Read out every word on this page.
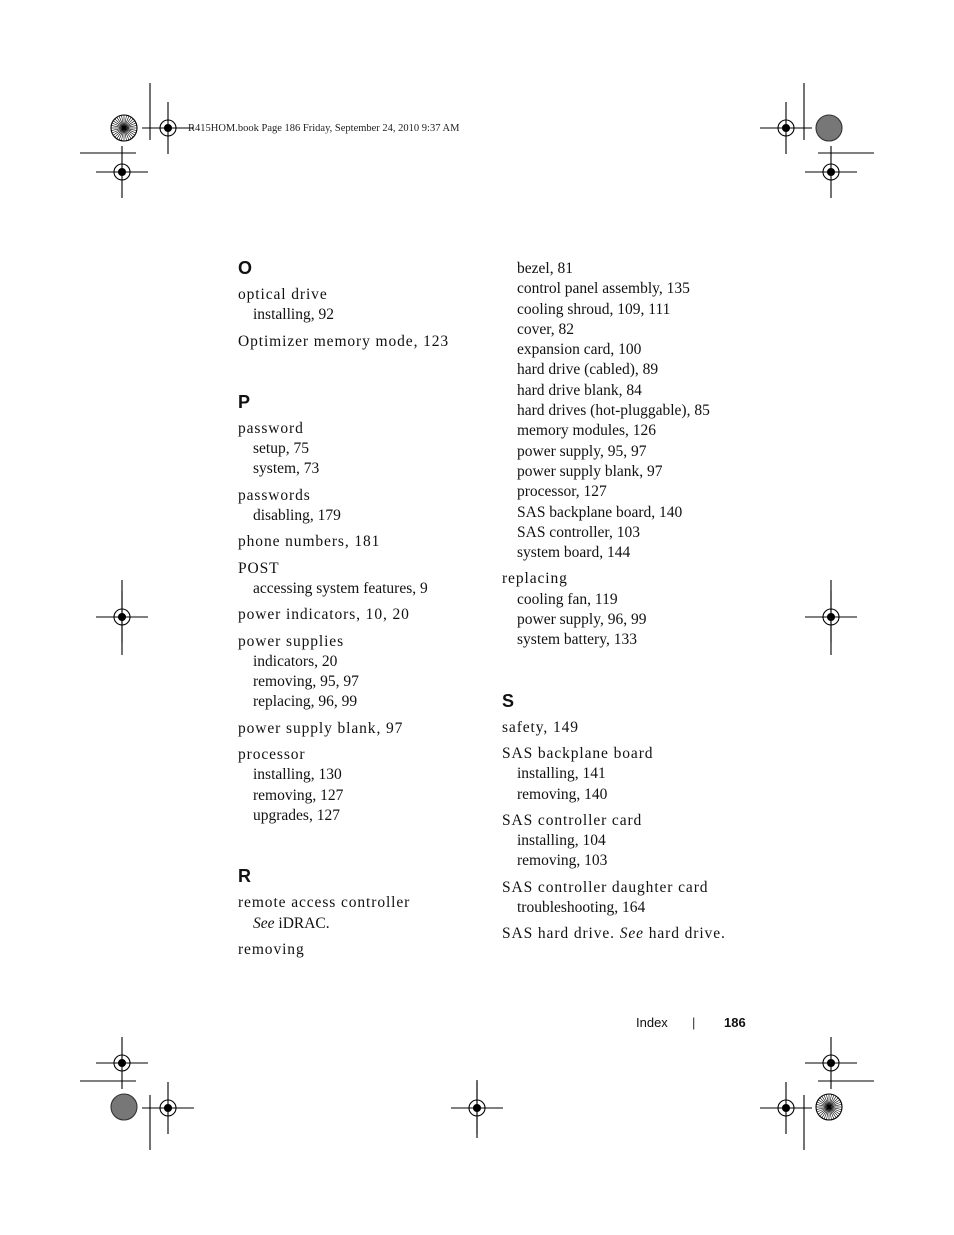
R415HOM.book Page 186 Friday, September 24, 2010 9:37 AM
O
optical drive
installing, 92
Optimizer memory mode, 123
P
password
setup, 75
system, 73
passwords
disabling, 179
phone numbers, 181
POST
accessing system features, 9
power indicators, 10, 20
power supplies
indicators, 20
removing, 95, 97
replacing, 96, 99
power supply blank, 97
processor
installing, 130
removing, 127
upgrades, 127
R
remote access controller
See iDRAC.
removing
bezel, 81
control panel assembly, 135
cooling shroud, 109, 111
cover, 82
expansion card, 100
hard drive (cabled), 89
hard drive blank, 84
hard drives (hot-pluggable), 85
memory modules, 126
power supply, 95, 97
power supply blank, 97
processor, 127
SAS backplane board, 140
SAS controller, 103
system board, 144
replacing
cooling fan, 119
power supply, 96, 99
system battery, 133
S
safety, 149
SAS backplane board
installing, 141
removing, 140
SAS controller card
installing, 104
removing, 103
SAS controller daughter card
troubleshooting, 164
SAS hard drive. See hard drive.
Index | 186
